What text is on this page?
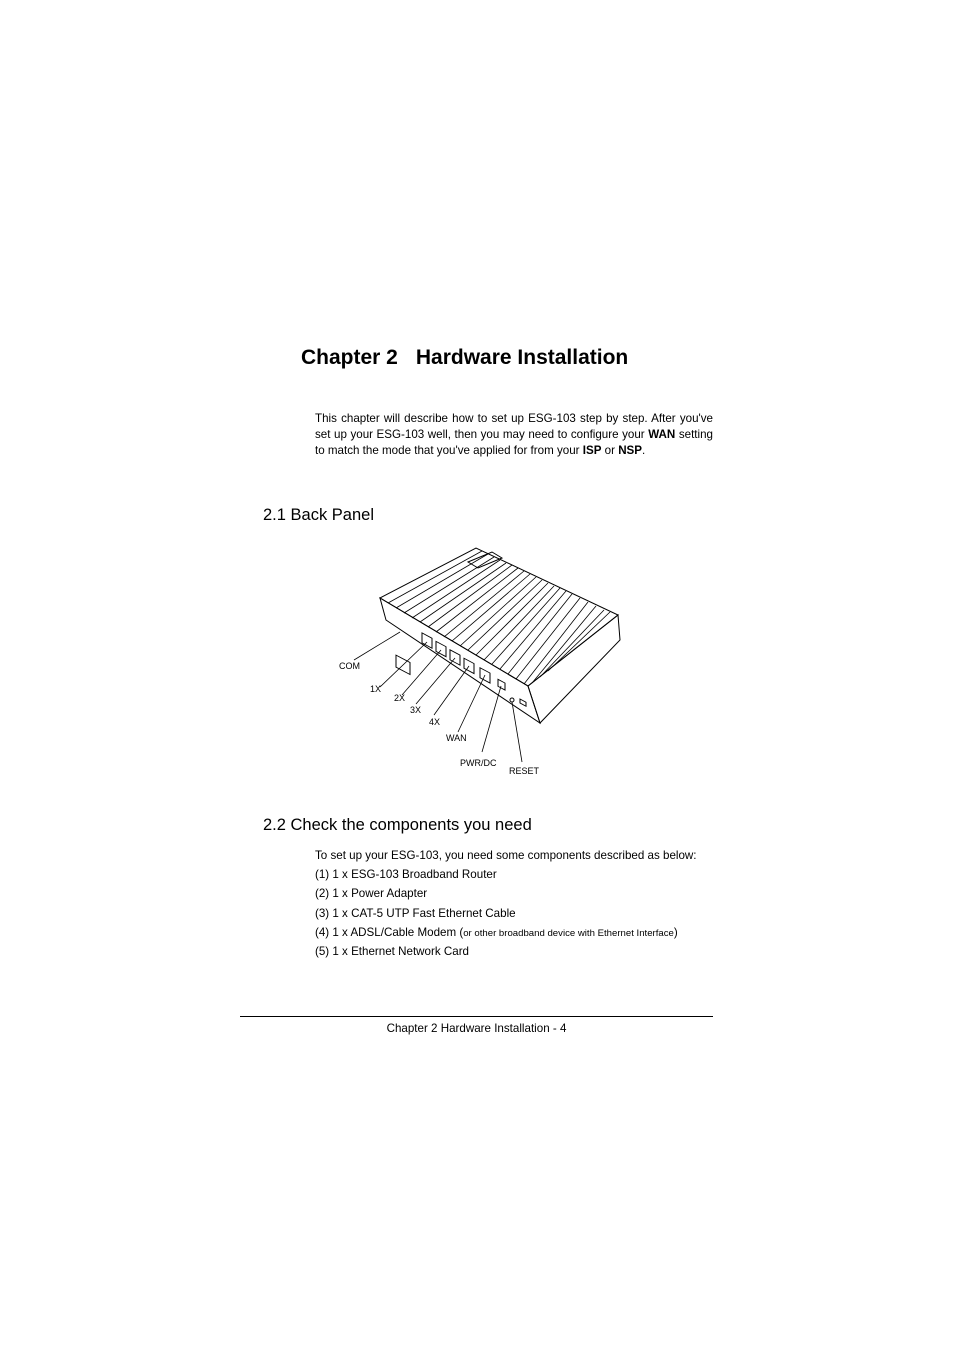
Chapter 2 Hardware Installation
This chapter will describe how to set up ESG-103 step by step. After you've set up your ESG-103 well, then you may need to configure your WAN setting to match the mode that you've applied for from your ISP or NSP.
2.1 Back Panel
COM
1X
2X
3X
4X
WAN
PWR/DC
RESET
2.2 Check the components you need
To set up your ESG-103, you need some components described as below:
(1) 1 x ESG-103 Broadband Router
(2) 1 x Power Adapter
(3) 1 x CAT-5 UTP Fast Ethernet Cable
(4) 1 x ADSL/Cable Modem (or other broadband device with Ethernet Interface)
(5) 1 x Ethernet Network Card
Chapter 2 Hardware Installation - 4
